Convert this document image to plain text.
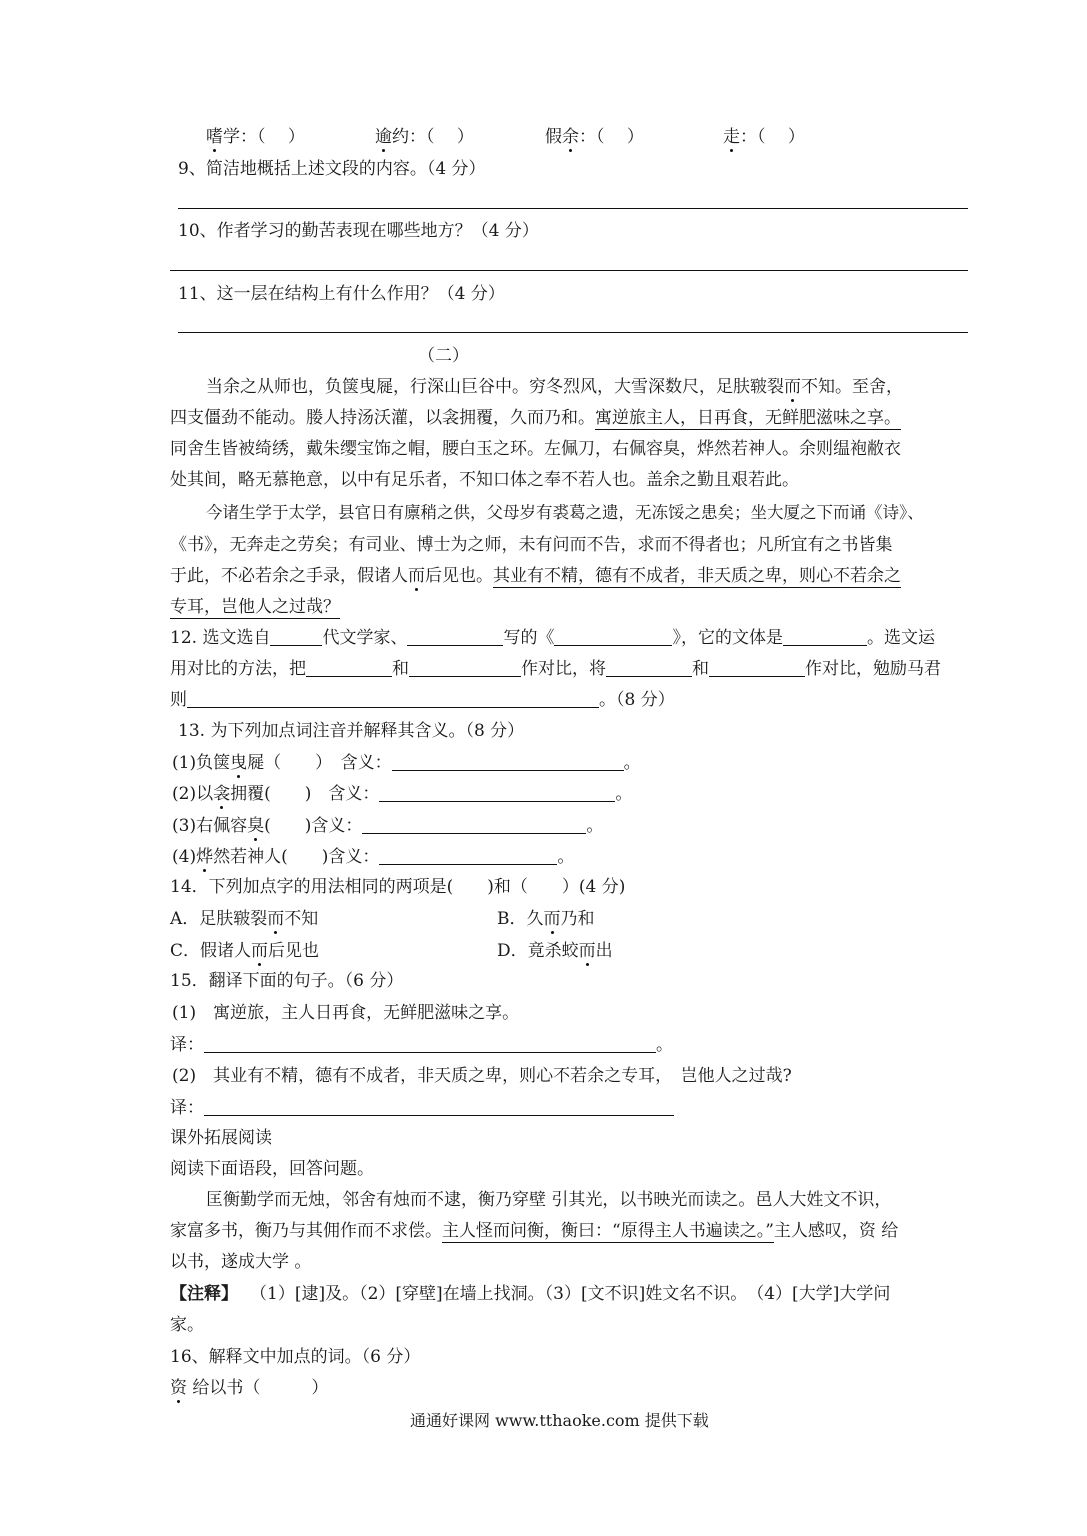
嗜学：（　 ）	逾约：（　 ）	假余：（　 ）	走：（　 ）
9、简洁地概括上述文段的内容。（4 分）
10、作者学习的勤苦表现在哪些地方？（4 分）
11、这一层在结构上有什么作用？（4 分）
（二）
当余之从师也，负箧曳屣，行深山巨谷中。穷冬烈风，大雪深数尺，足肤皲裂而不知。至舍，
四支僵劲不能动。媵人持汤沃灌，以衾拥覆，久而乃和。寓逆旅主人，日再食，无鲜肥滋味之享。
同舍生皆被绮绣，戴朱缨宝饰之帽，腰白玉之环。左佩刀，右佩容臭，烨然若神人。余则缊袍敝衣
处其间，略无慕艳意，以中有足乐者，不知口体之奉不若人也。盖余之勤且艰若此。
今诸生学于太学，县官日有廪稍之供，父母岁有裘葛之遗，无冻馁之患矣；坐大厦之下而诵《诗》、
《书》，无奔走之劳矣；有司业、博士为之师，未有问而不告，求而不得者也；凡所宜有之书皆集
于此，不必若余之手录，假诸人而后见也。其业有不精，德有不成者，非天质之卑，则心不若余之
专耳，岂他人之过哉？
12. 选文选自	代文学家、	写的《	》，它的文体是	。选文运
用对比的方法，把	和	作对比，将	和	作对比，勉励马君
则	。（8 分）
13. 为下列加点词注音并解释其含义。（8 分）
(1)负箧曳屣（　　）　含义：	。
(2)以衾拥覆(　　)　含义：	。
(3)右佩容臭(　　)含义：	。
(4)烨然若神人(　　)含义：	。
14．下列加点字的用法相同的两项是(　　)和（　　）(4 分)
A．足肤皲裂而不知	B．久而乃和
C．假诸人而后见也	D．竟杀蛟而出
15．翻译下面的句子。（6 分）
(1)　寓逆旅，主人日再食，无鲜肥滋味之享。
译：	。
(2)　其业有不精，德有不成者，非天质之卑，则心不若余之专耳，　岂他人之过哉?
译：
课外拓展阅读
阅读下面语段，回答问题。
匡衡勤学而无烛，邻舍有烛而不逮，衡乃穿壁 引其光，以书映光而读之。邑人大姓文不识，
家富多书，衡乃与其佣作而不求偿。主人怪而问衡，衡曰：“原得主人书遍读之。”主人感叹，资 给
以书，遂成大学 。
【注释】 （1）[逮]及。（2）[穿壁]在墙上找洞。（3）[文不识]姓文名不识。　（4）[大学]大学问
家。
16、解释文中加点的词。（6 分）
资 给以书（　　　）
通通好课网 www.tthaoke.com 提供下载
